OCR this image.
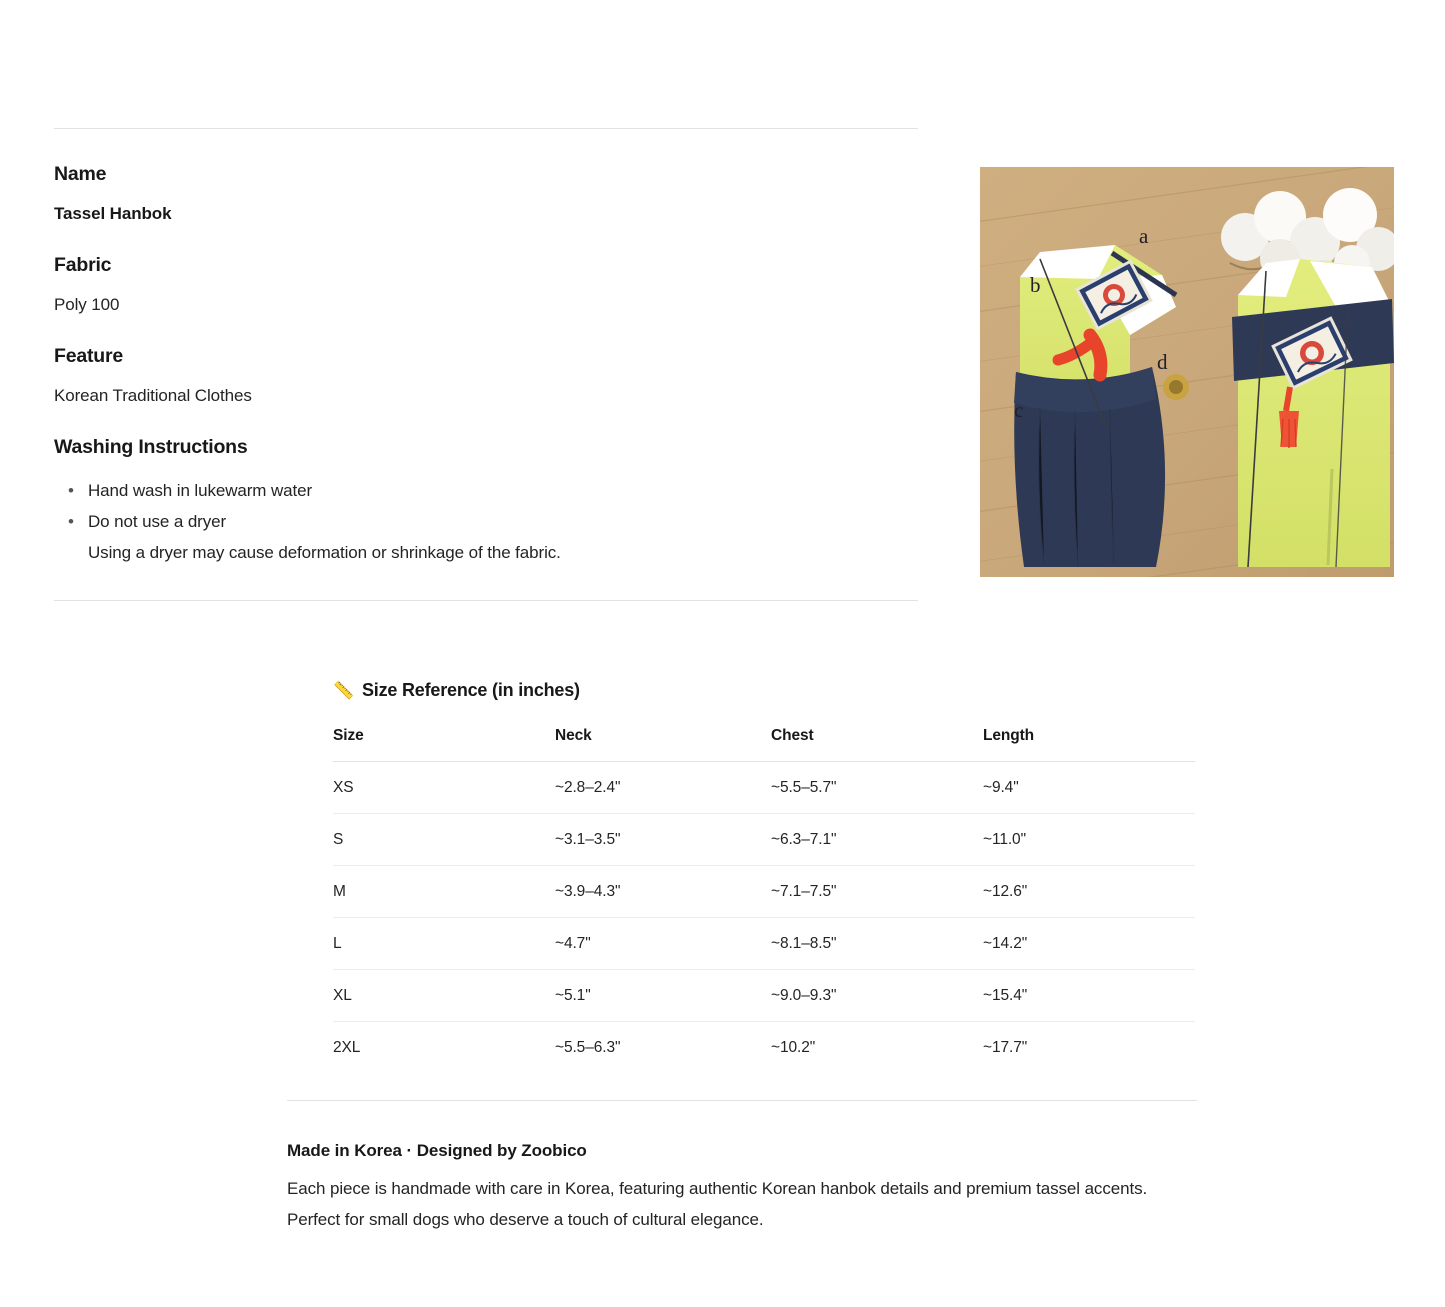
Name

Tassel Hanbok

Fabric

Poly 100

Feature

Korean Traditional Clothes

Washing Instructions
• Hand wash in lukewarm water
• Do not use a dryer
Using a dryer may cause deformation or shrinkage of the fabric.
a
b
c
d
📏 Size Reference (in inches)
Size	Neck	Chest	Length
XS	~2.8–2.4"	~5.5–5.7"	~9.4"
S	~3.1–3.5"	~6.3–7.1"	~11.0"
M	~3.9–4.3"	~7.1–7.5"	~12.6"
L	~4.7"	~8.1–8.5"	~14.2"
XL	~5.1"	~9.0–9.3"	~15.4"
2XL	~5.5–6.3"	~10.2"	~17.7"

Made in Korea · Designed by Zoobico

Each piece is handmade with care in Korea, featuring authentic Korean hanbok details and premium tassel accents.

Perfect for small dogs who deserve a touch of cultural elegance.
